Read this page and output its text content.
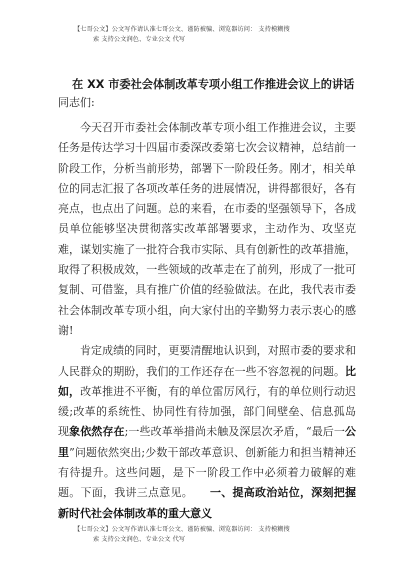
【七哥公文】公文写作请认准七哥公文、谨防被骗、浏览器访问： 支持模糊搜
索 支持公文润色、专业公文 代写
在 XX 市委社会体制改革专项小组工作推进会议上的讲话
同志们:

今天召开市委社会体制改革专项小组工作推进会议，主要任务是传达学习十四届市委深改委第七次会议精神，总结前一阶段工作，分析当前形势，部署下一阶段任务。刚才，相关单位的同志汇报了各项改革任务的进展情况，讲得都很好，各有亮点，也点出了问题。总的来看，在市委的坚强领导下，各成员单位能够坚决贯彻落实改革部署要求，主动作为、攻坚克难，谋划实施了一批符合我市实际、具有创新性的改革措施，取得了积极成效，一些领域的改革走在了前列，形成了一批可复制、可借鉴，具有推广价值的经验做法。在此，我代表市委社会体制改革专项小组，向大家付出的辛勤努力表示衷心的感谢!

肯定成绩的同时，更要清醒地认识到，对照市委的要求和人民群众的期盼，我们的工作还存在一些不容忽视的问题。比如，改革推进不平衡，有的单位雷厉风行，有的单位则行动迟缓;改革的系统性、协同性有待加强，部门间壁垒、信息孤岛现象依然存在;一些改革举措尚未触及深层次矛盾，“最后一公里”问题依然突出;少数干部改革意识、创新能力和担当精神还有待提升。这些问题，是下一阶段工作中必须着力破解的难题。下面，我讲三点意见。　　 一、提高政治站位，深刻把握新时代社会体制改革的重大意义

【七哥公文】公文写作请认准七哥公文、谨防被骗、浏览器访问： 支持模糊搜
索 支持公文润色、专业公文 代写
